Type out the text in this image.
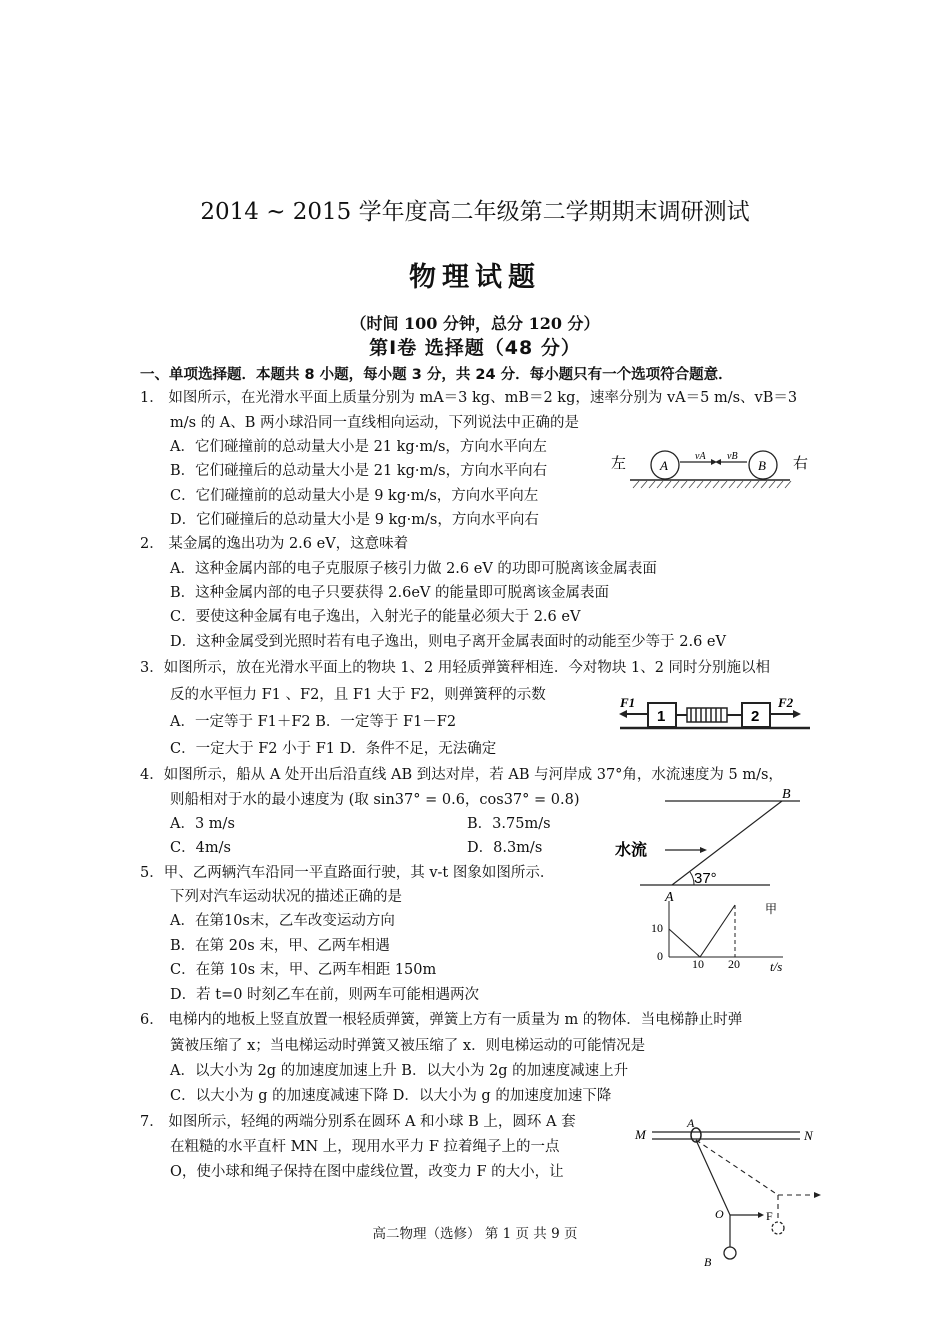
2014 ~ 2015 学年度高二年级第二学期期末调研测试
物理试题
（时间 100 分钟，总分 120 分）
第Ⅰ卷 选择题（48 分）
一、单项选择题．本题共 8 小题，每小题 3 分，共 24 分．每小题只有一个选项符合题意．
1． 如图所示，在光滑水平面上质量分别为 mA＝3 kg、mB＝2 kg，速率分别为 vA＝5 m/s、vB＝3
m/s 的 A、B 两小球沿同一直线相向运动，下列说法中正确的是
A．它们碰撞前的总动量大小是 21 kg·m/s，方向水平向左
B．它们碰撞后的总动量大小是 21 kg·m/s，方向水平向右
C．它们碰撞前的总动量大小是 9 kg·m/s，方向水平向左
D．它们碰撞后的总动量大小是 9 kg·m/s，方向水平向右
左	右
A	B
vA vB
2． 某金属的逸出功为 2.6 eV，这意味着
A．这种金属内部的电子克服原子核引力做 2.6 eV 的功即可脱离该金属表面
B．这种金属内部的电子只要获得 2.6eV 的能量即可脱离该金属表面
C．要使这种金属有电子逸出，入射光子的能量必须大于 2.6 eV
D．这种金属受到光照时若有电子逸出，则电子离开金属表面时的动能至少等于 2.6 eV
3．如图所示，放在光滑水平面上的物块 1、2 用轻质弹簧秤相连．今对物块 1、2 同时分别施以相
反的水平恒力 F1 、F2，且 F1 大于 F2，则弹簧秤的示数
A．一定等于 F1＋F2 B．一定等于 F1－F2
C．一定大于 F2 小于 F1 D．条件不足，无法确定
F1
1	2
F2
4．如图所示，船从 A 处开出后沿直线 AB 到达对岸，若 AB 与河岸成 37°角，水流速度为 5 m/s，
则船相对于水的最小速度为 (取 sin37° = 0.6，cos37° = 0.8)
A．3 m/s	B．3.75m/s
C．4m/s	D．8.3m/s
B
A
水流
37°
5．甲、乙两辆汽车沿同一平直路面行驶，其 v-t 图象如图所示．
下列对汽车运动状况的描述正确的是
A．在第10s末，乙车改变运动方向
B．在第 20s 末，甲、乙两车相遇
C．在第 10s 末，甲、乙两车相距 150m
D．若 t=0 时刻乙车在前，则两车可能相遇两次
10
0
10 20 t/s
甲
6． 电梯内的地板上竖直放置一根轻质弹簧，弹簧上方有一质量为 m 的物体．当电梯静止时弹
簧被压缩了 x；当电梯运动时弹簧又被压缩了 x．则电梯运动的可能情况是
A．以大小为 2g 的加速度加速上升 B．以大小为 2g 的加速度减速上升
C．以大小为 g 的加速度减速下降 D．以大小为 g 的加速度加速下降
7． 如图所示，轻绳的两端分别系在圆环 A 和小球 B 上，圆环 A 套
在粗糙的水平直杆 MN 上，现用水平力 F 拉着绳子上的一点
O，使小球和绳子保持在图中虚线位置，改变力 F 的大小，让
M	N
A
O	F
B
高二物理（选修） 第 1 页 共 9 页
